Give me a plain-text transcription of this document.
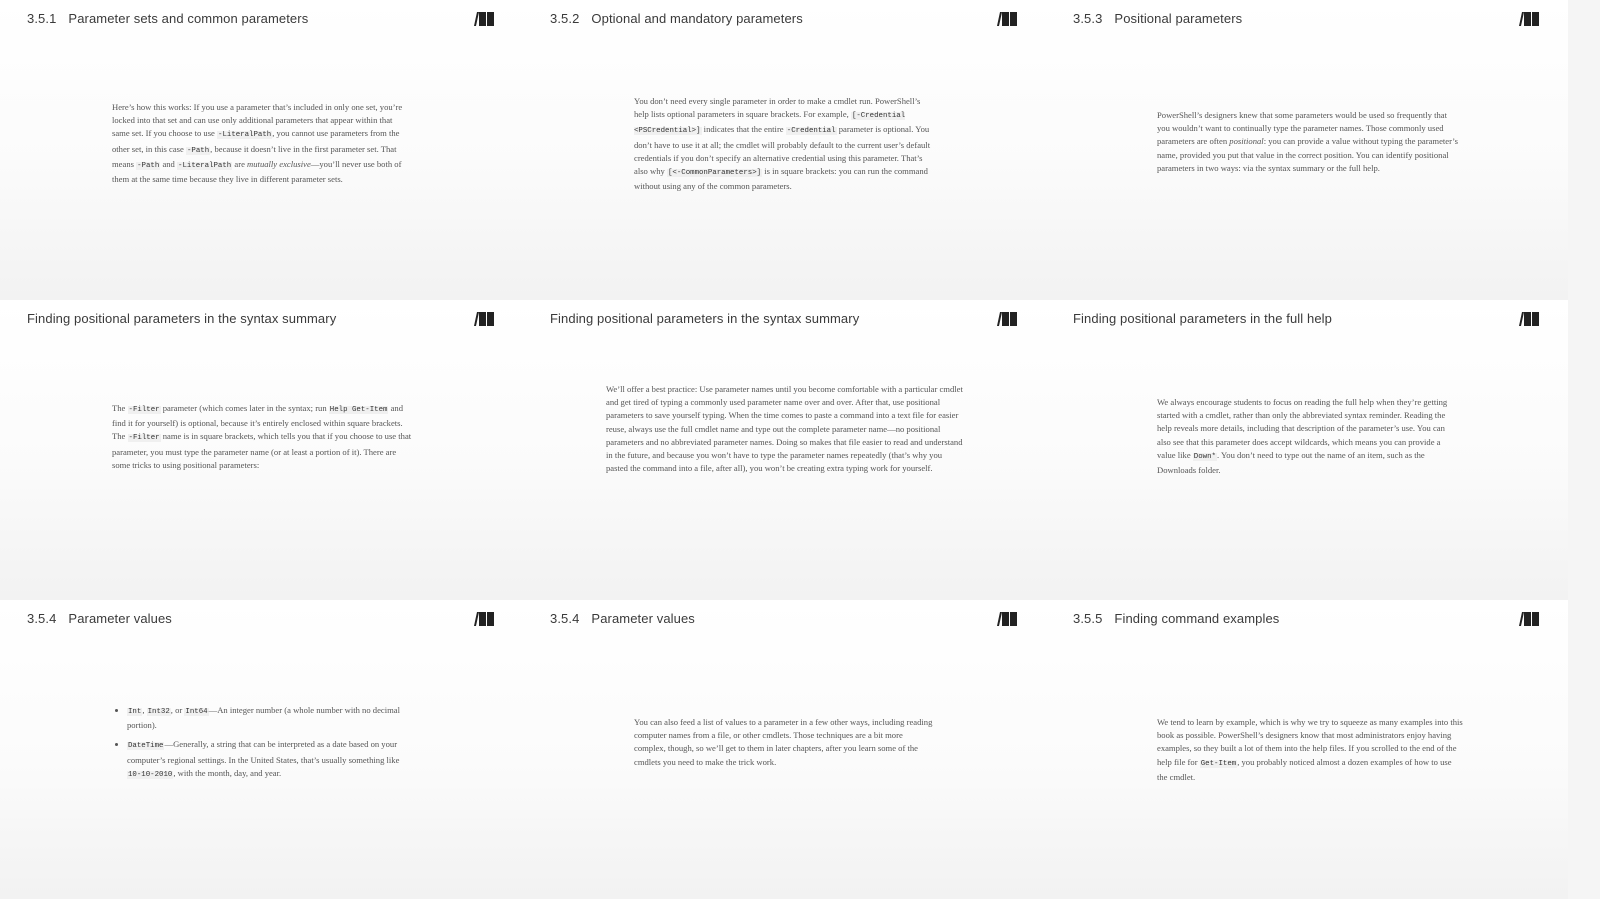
3.5.1 Parameter sets and common parameters

Here’s how this works: If you use a parameter that’s included in only one set, you’re locked into that set and can use only additional parameters that appear within that same set. If you choose to use -LiteralPath, you cannot use parameters from the other set, in this case -Path, because it doesn’t live in the first parameter set. That means -Path and -LiteralPath are mutually exclusive—you’ll never use both of them at the same time because they live in different parameter sets.

3.5.2 Optional and mandatory parameters

You don’t need every single parameter in order to make a cmdlet run. PowerShell’s help lists optional parameters in square brackets. For example, [-Credential <PSCredential>] indicates that the entire -Credential parameter is optional. You don’t have to use it at all; the cmdlet will probably default to the current user’s default credentials if you don’t specify an alternative credential using this parameter. That’s also why [<-CommonParameters>] is in square brackets: you can run the command without using any of the common parameters.

3.5.3 Positional parameters

PowerShell’s designers knew that some parameters would be used so frequently that you wouldn’t want to continually type the parameter names. Those commonly used parameters are often positional: you can provide a value without typing the parameter’s name, provided you put that value in the correct position. You can identify positional parameters in two ways: via the syntax summary or the full help.

Finding positional parameters in the syntax summary

The -Filter parameter (which comes later in the syntax; run Help Get-Item and find it for yourself) is optional, because it’s entirely enclosed within square brackets. The -Filter name is in square brackets, which tells you that if you choose to use that parameter, you must type the parameter name (or at least a portion of it). There are some tricks to using positional parameters:

Finding positional parameters in the syntax summary

We’ll offer a best practice: Use parameter names until you become comfortable with a particular cmdlet and get tired of typing a commonly used parameter name over and over. After that, use positional parameters to save yourself typing. When the time comes to paste a command into a text file for easier reuse, always use the full cmdlet name and type out the complete parameter name—no positional parameters and no abbreviated parameter names. Doing so makes that file easier to read and understand in the future, and because you won’t have to type the parameter names repeatedly (that’s why you pasted the command into a file, after all), you won’t be creating extra typing work for yourself.

Finding positional parameters in the full help

We always encourage students to focus on reading the full help when they’re getting started with a cmdlet, rather than only the abbreviated syntax reminder. Reading the help reveals more details, including that description of the parameter’s use. You can also see that this parameter does accept wildcards, which means you can provide a value like Down*. You don’t need to type out the name of an item, such as the Downloads folder.

3.5.4 Parameter values
• Int, Int32, or Int64—An integer number (a whole number with no decimal portion).
• DateTime—Generally, a string that can be interpreted as a date based on your computer’s regional settings. In the United States, that’s usually something like 10-10-2010, with the month, day, and year.
3.5.4 Parameter values

You can also feed a list of values to a parameter in a few other ways, including reading computer names from a file, or other cmdlets. Those techniques are a bit more complex, though, so we’ll get to them in later chapters, after you learn some of the cmdlets you need to make the trick work.

3.5.5 Finding command examples

We tend to learn by example, which is why we try to squeeze as many examples into this book as possible. PowerShell’s designers know that most administrators enjoy having examples, so they built a lot of them into the help files. If you scrolled to the end of the help file for Get-Item, you probably noticed almost a dozen examples of how to use the cmdlet.
